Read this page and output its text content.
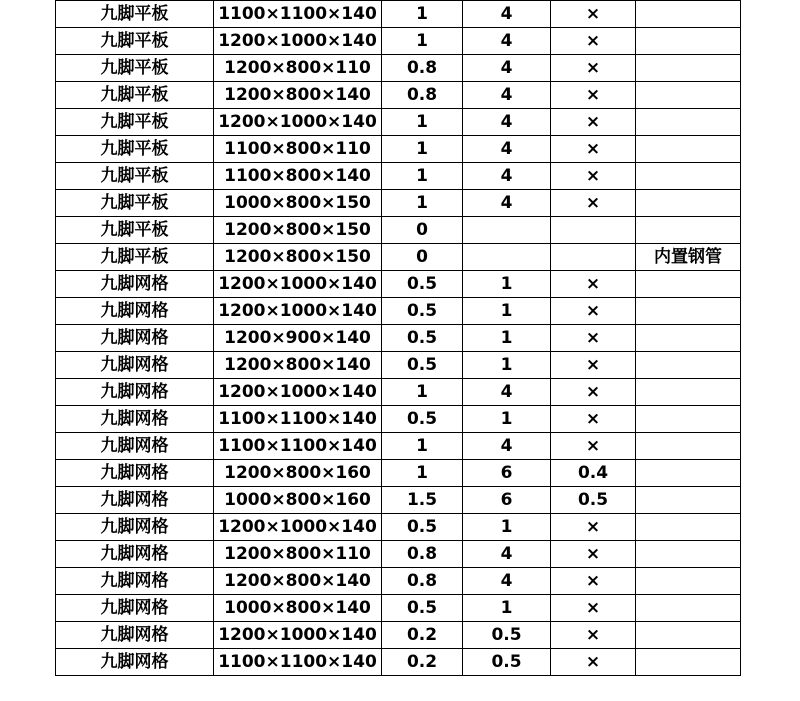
九脚平板	1100×1100×140	1	4	×	
九脚平板	1200×1000×140	1	4	×	
九脚平板	1200×800×110	0.8	4	×	
九脚平板	1200×800×140	0.8	4	×	
九脚平板	1200×1000×140	1	4	×	
九脚平板	1100×800×110	1	4	×	
九脚平板	1100×800×140	1	4	×	
九脚平板	1000×800×150	1	4	×	
九脚平板	1200×800×150	0			
九脚平板	1200×800×150	0			内置钢管
九脚网格	1200×1000×140	0.5	1	×	
九脚网格	1200×1000×140	0.5	1	×	
九脚网格	1200×900×140	0.5	1	×	
九脚网格	1200×800×140	0.5	1	×	
九脚网格	1200×1000×140	1	4	×	
九脚网格	1100×1100×140	0.5	1	×	
九脚网格	1100×1100×140	1	4	×	
九脚网格	1200×800×160	1	6	0.4	
九脚网格	1000×800×160	1.5	6	0.5	
九脚网格	1200×1000×140	0.5	1	×	
九脚网格	1200×800×110	0.8	4	×	
九脚网格	1200×800×140	0.8	4	×	
九脚网格	1000×800×140	0.5	1	×	
九脚网格	1200×1000×140	0.2	0.5	×	
九脚网格	1100×1100×140	0.2	0.5	×	
